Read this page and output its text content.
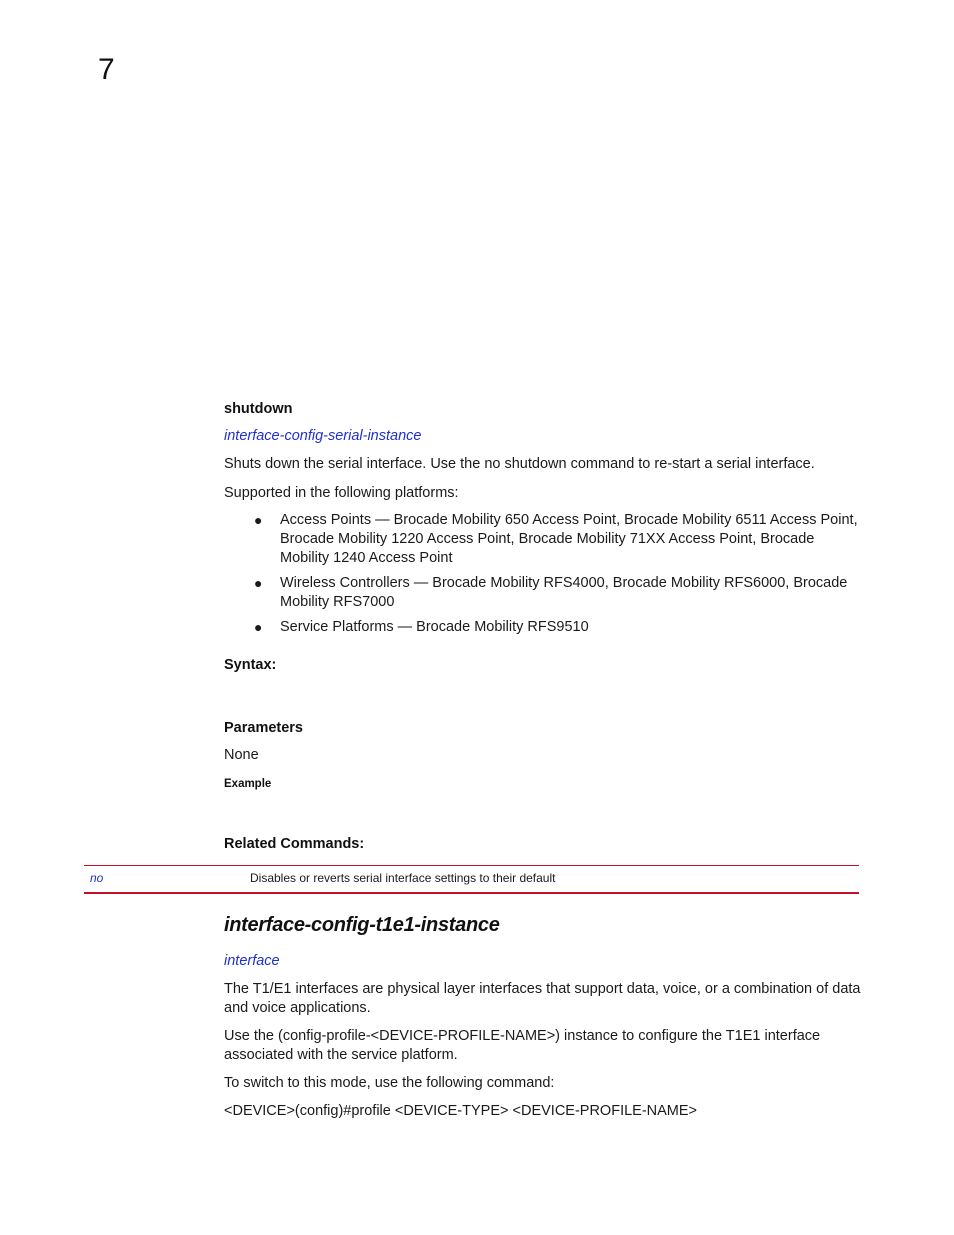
7
shutdown
interface-config-serial-instance
Shuts down the serial interface. Use the no shutdown command to re-start a serial interface.
Supported in the following platforms:
● Access Points — Brocade Mobility 650 Access Point, Brocade Mobility 6511 Access Point, Brocade Mobility 1220 Access Point, Brocade Mobility 71XX Access Point, Brocade Mobility 1240 Access Point
● Wireless Controllers — Brocade Mobility RFS4000, Brocade Mobility RFS6000, Brocade Mobility RFS7000
● Service Platforms — Brocade Mobility RFS9510
Syntax:
Parameters
None
Example
Related Commands:
no	Disables or reverts serial interface settings to their default
interface-config-t1e1-instance
interface
The T1/E1 interfaces are physical layer interfaces that support data, voice, or a combination of data and voice applications.
Use the (config-profile-<DEVICE-PROFILE-NAME>) instance to configure the T1E1 interface associated with the service platform.
To switch to this mode, use the following command:
<DEVICE>(config)#profile <DEVICE-TYPE> <DEVICE-PROFILE-NAME>
